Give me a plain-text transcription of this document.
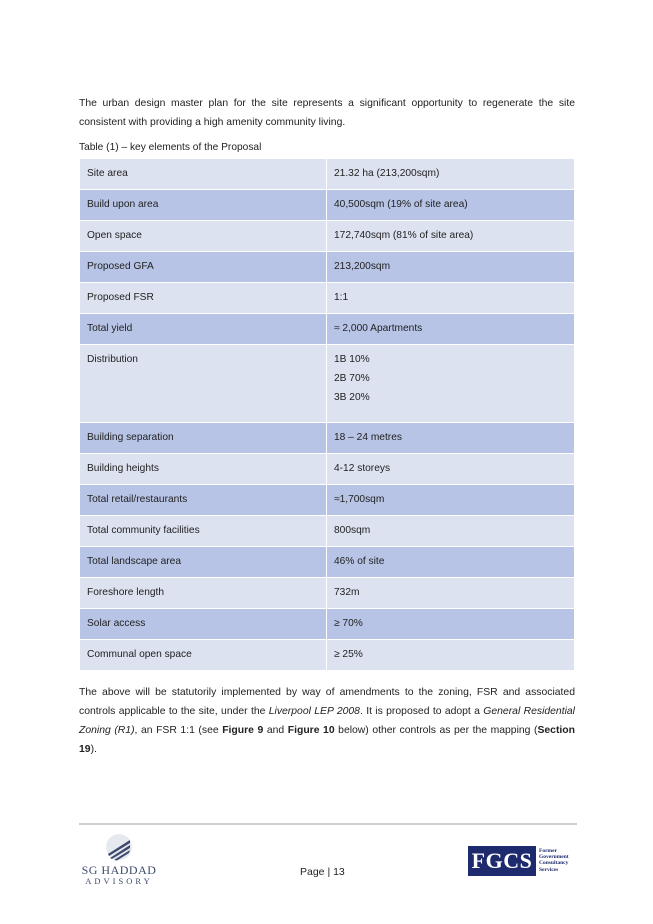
The urban design master plan for the site represents a significant opportunity to regenerate the site consistent with providing a high amenity community living.

Table (1) – key elements of the Proposal
Site area	21.32 ha (213,200sqm)

Build upon area	40,500sqm (19% of site area)

Open space	172,740sqm (81% of site area)

Proposed GFA	213,200sqm

Proposed FSR	1:1

Total yield	≈ 2,000 Apartments

Distribution	1B 10%
2B 70%
3B 20%

Building separation	18 – 24 metres

Building heights	4-12 storeys

Total retail/restaurants	≈1,700sqm

Total community facilities	800sqm

Total landscape area	46% of site

Foreshore length	732m

Solar access	≥ 70%

Communal open space	≥ 25%

The above will be statutorily implemented by way of amendments to the zoning, FSR and associated controls applicable to the site, under the Liverpool LEP 2008. It is proposed to adopt a General Residential Zoning (R1), an FSR 1:1 (see Figure 9 and Figure 10 below) other controls as per the mapping (Section 19).

SG HADDAD
ADVISORY
Page | 13	FGCS	Former
Government
Consultancy
Services
